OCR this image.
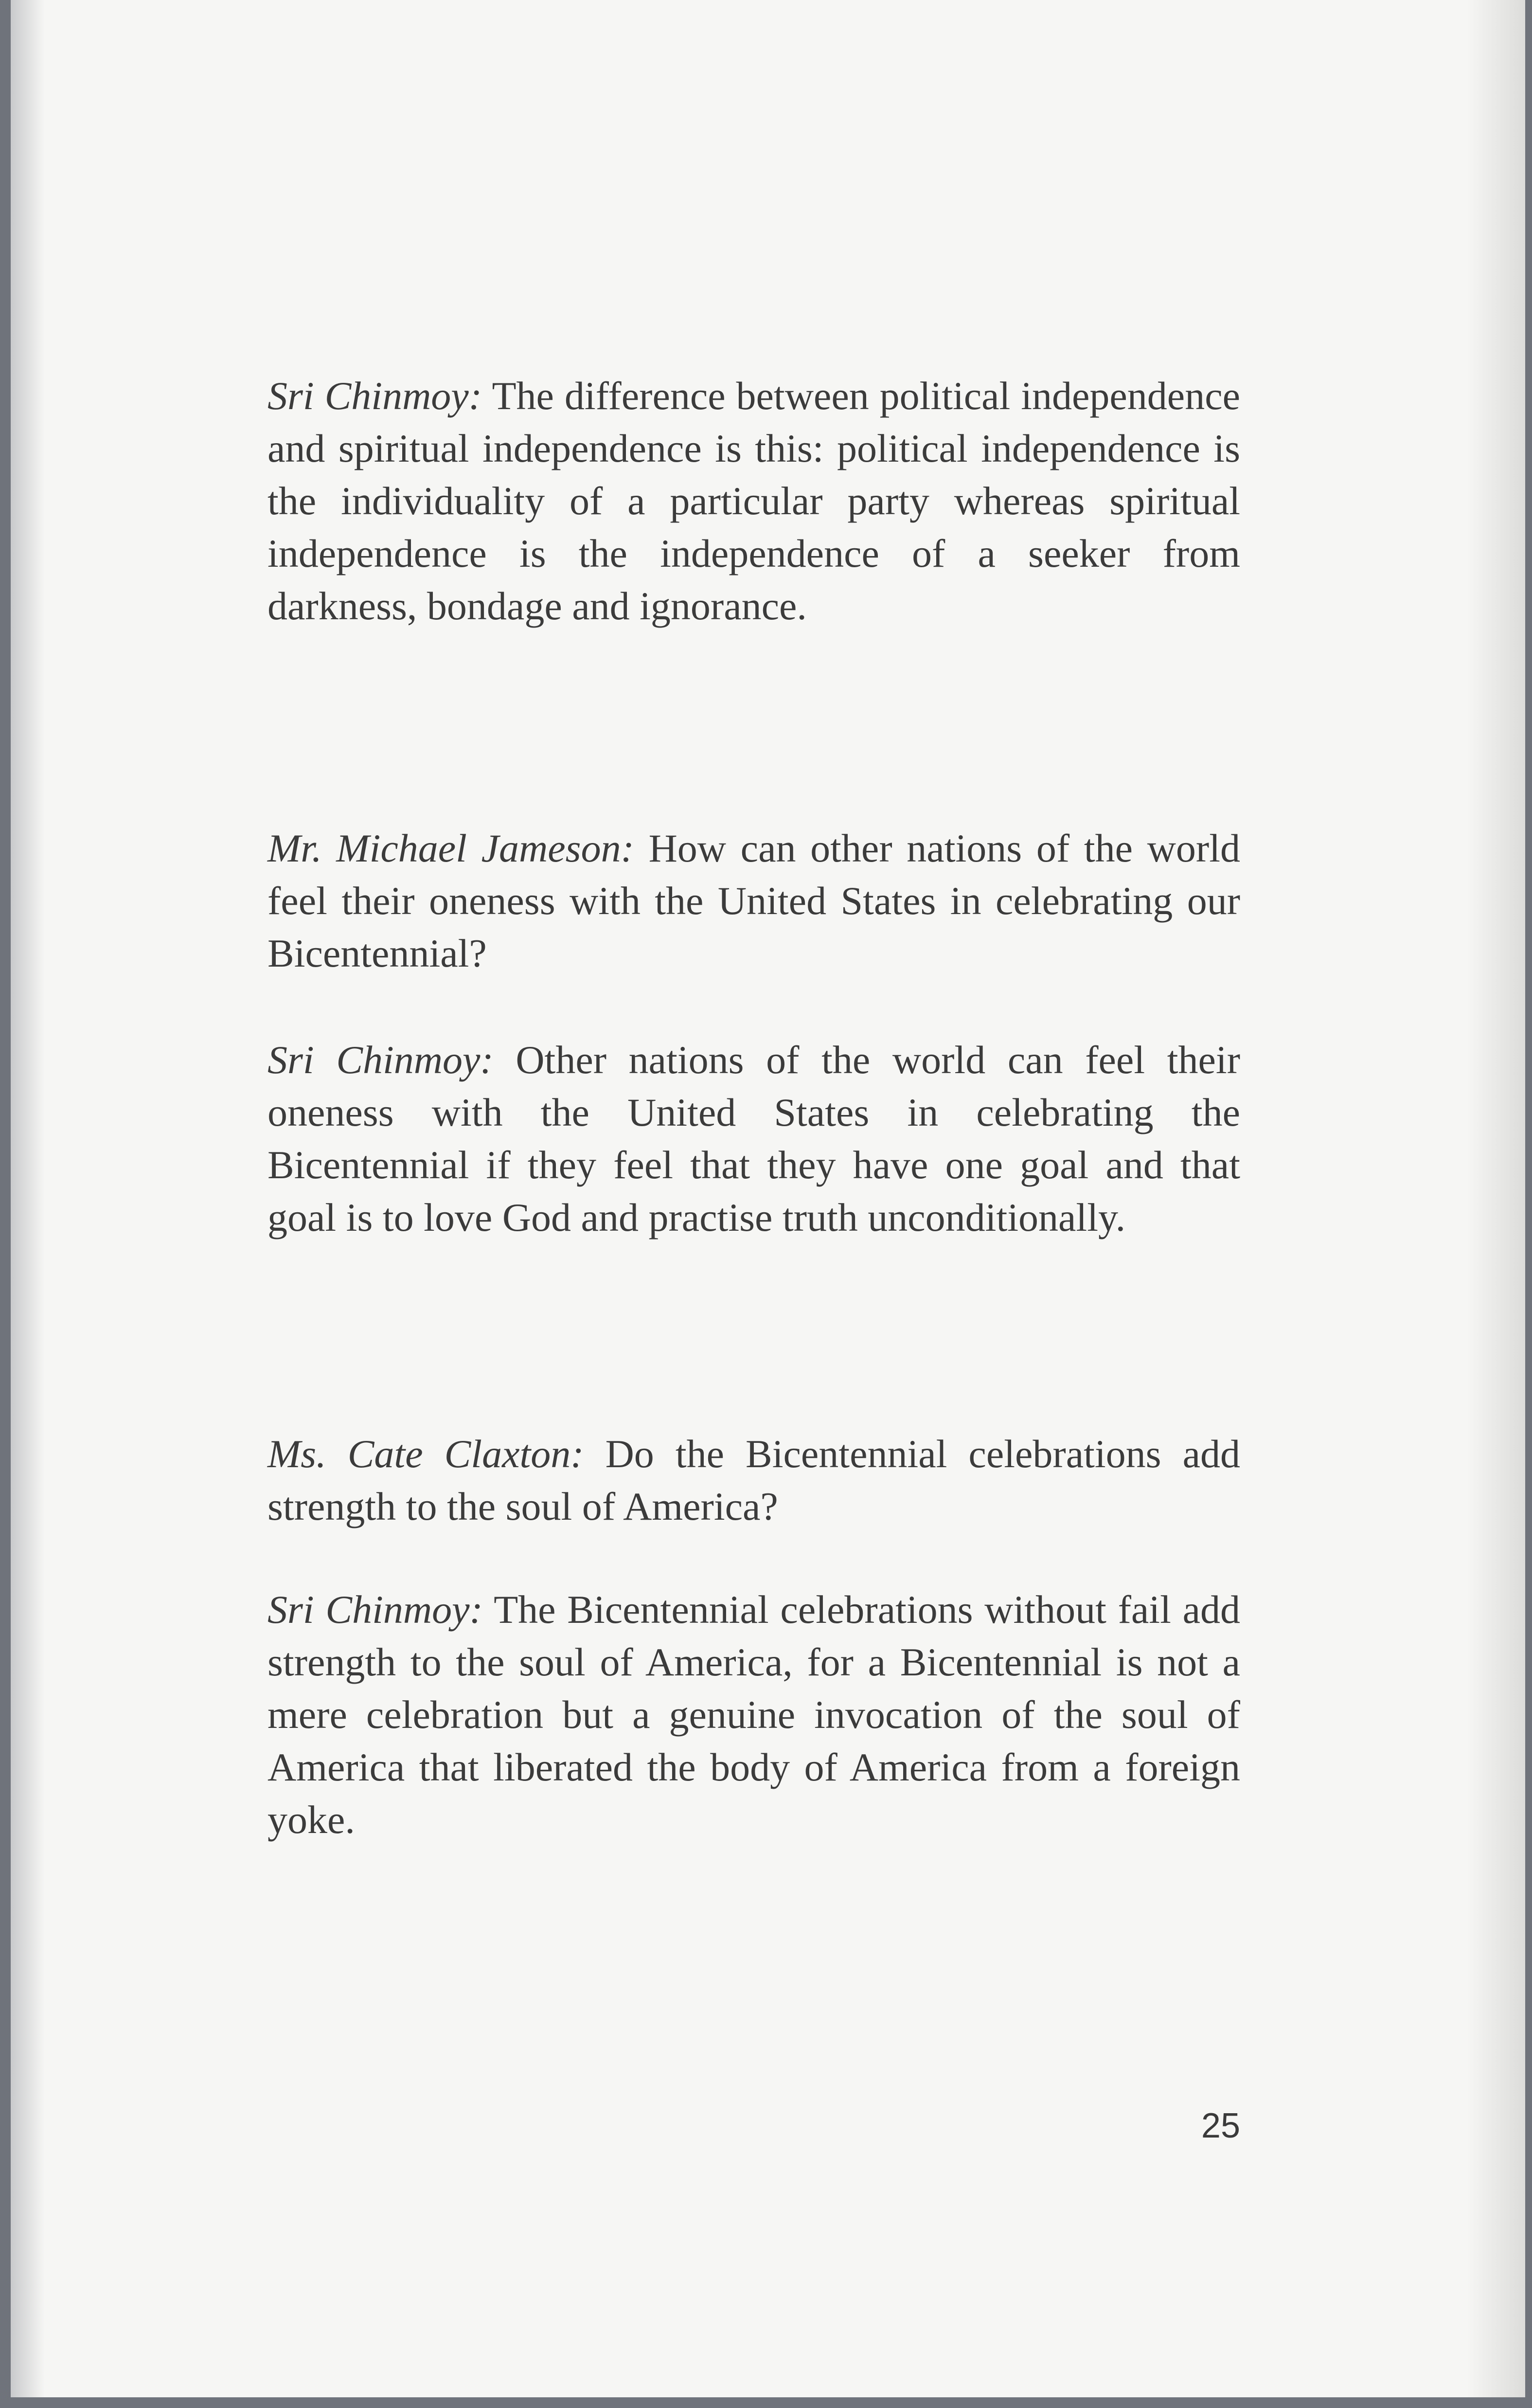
Sri Chinmoy: The difference between political independence and spiritual independence is this: political independence is the individuality of a particular party whereas spiritual independence is the independence of a seeker from darkness, bondage and ignorance.

Mr. Michael Jameson: How can other nations of the world feel their oneness with the United States in celebrating our Bicentennial?

Sri Chinmoy: Other nations of the world can feel their oneness with the United States in celebrating the Bicentennial if they feel that they have one goal and that goal is to love God and practise truth unconditionally.

Ms. Cate Claxton: Do the Bicentennial celebrations add strength to the soul of America?

Sri Chinmoy: The Bicentennial celebrations without fail add strength to the soul of America, for a Bicentennial is not a mere celebration but a genuine invocation of the soul of America that liberated the body of America from a foreign yoke.

25
